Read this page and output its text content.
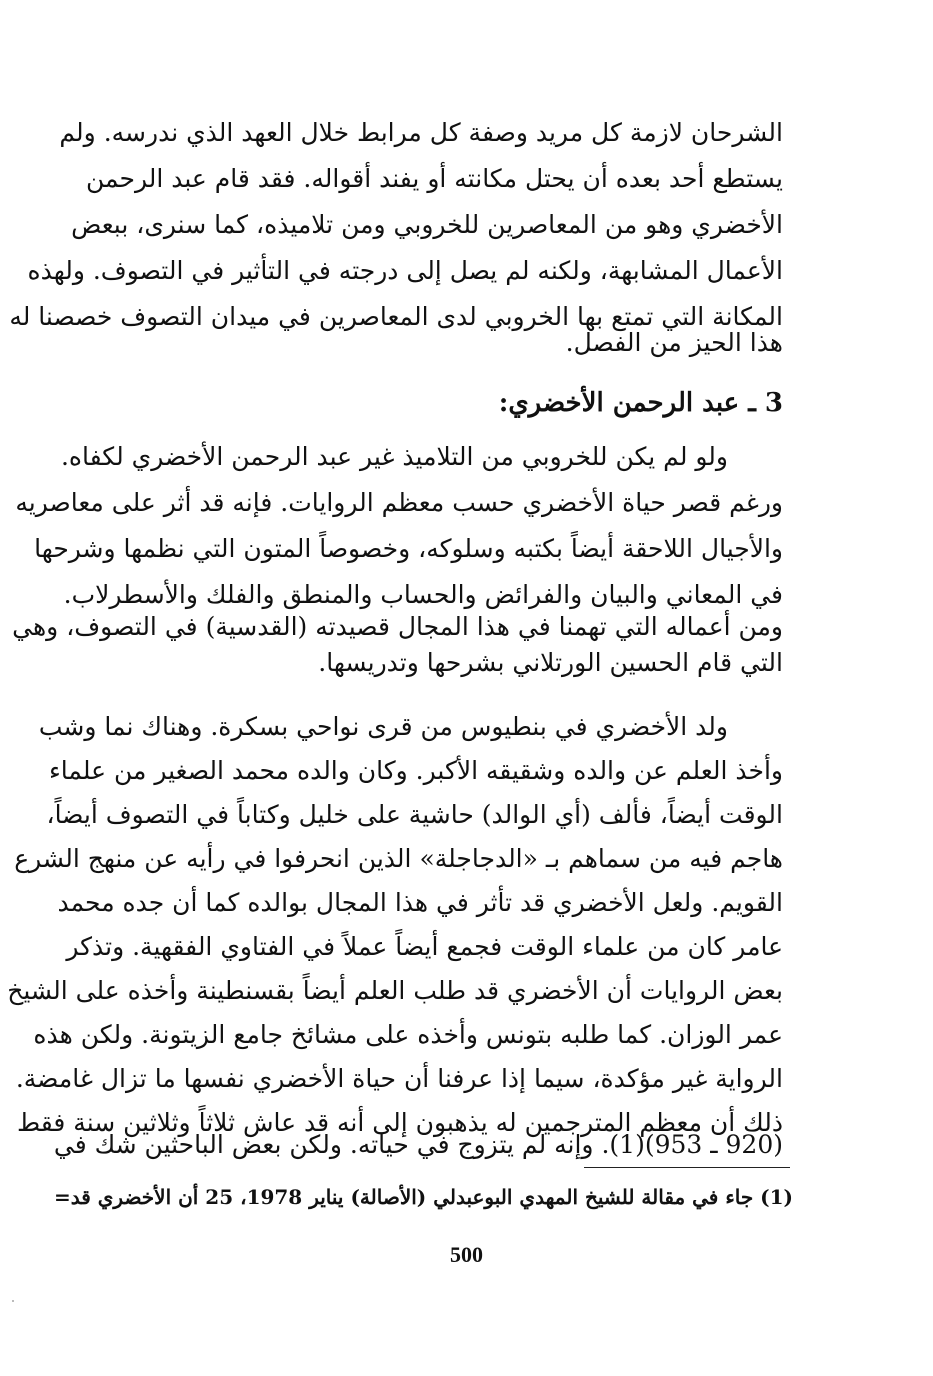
الشرحان لازمة كل مريد وصفة كل مرابط خلال العهد الذي ندرسه. ولم
يستطع أحد بعده أن يحتل مكانته أو يفند أقواله. فقد قام عبد الرحمن
الأخضري وهو من المعاصرين للخروبي ومن تلاميذه، كما سنرى، ببعض
الأعمال المشابهة، ولكنه لم يصل إلى درجته في التأثير في التصوف. ولهذه
المكانة التي تمتع بها الخروبي لدى المعاصرين في ميدان التصوف خصصنا له
هذا الحيز من الفصل.
3 ـ عبد الرحمن الأخضري:
ولو لم يكن للخروبي من التلاميذ غير عبد الرحمن الأخضري لكفاه.
ورغم قصر حياة الأخضري حسب معظم الروايات. فإنه قد أثر على معاصريه
والأجيال اللاحقة أيضاً بكتبه وسلوكه، وخصوصاً المتون التي نظمها وشرحها
في المعاني والبيان والفرائض والحساب والمنطق والفلك والأسطرلاب.
ومن أعماله التي تهمنا في هذا المجال قصيدته (القدسية) في التصوف، وهي
التي قام الحسين الورتلاني بشرحها وتدريسها.
ولد الأخضري في بنطيوس من قرى نواحي بسكرة. وهناك نما وشب
وأخذ العلم عن والده وشقيقه الأكبر. وكان والده محمد الصغير من علماء
الوقت أيضاً، فألف (أي الوالد) حاشية على خليل وكتاباً في التصوف أيضاً،
هاجم فيه من سماهم بـ «الدجاجلة» الذين انحرفوا في رأيه عن منهج الشرع
القويم. ولعل الأخضري قد تأثر في هذا المجال بوالده كما أن جده محمد
عامر كان من علماء الوقت فجمع أيضاً عملاً في الفتاوي الفقهية. وتذكر
بعض الروايات أن الأخضري قد طلب العلم أيضاً بقسنطينة وأخذه على الشيخ
عمر الوزان. كما طلبه بتونس وأخذه على مشائخ جامع الزيتونة. ولكن هذه
الرواية غير مؤكدة، سيما إذا عرفنا أن حياة الأخضري نفسها ما تزال غامضة.
ذلك أن معظم المترجمين له يذهبون إلى أنه قد عاش ثلاثاً وثلاثين سنة فقط
(920 ـ 953)(1). وإنه لم يتزوج في حياته. ولكن بعض الباحثين شك في
(1) جاء في مقالة للشيخ المهدي البوعبدلي (الأصالة) يناير 1978، 25 أن الأخضري قد=
500
